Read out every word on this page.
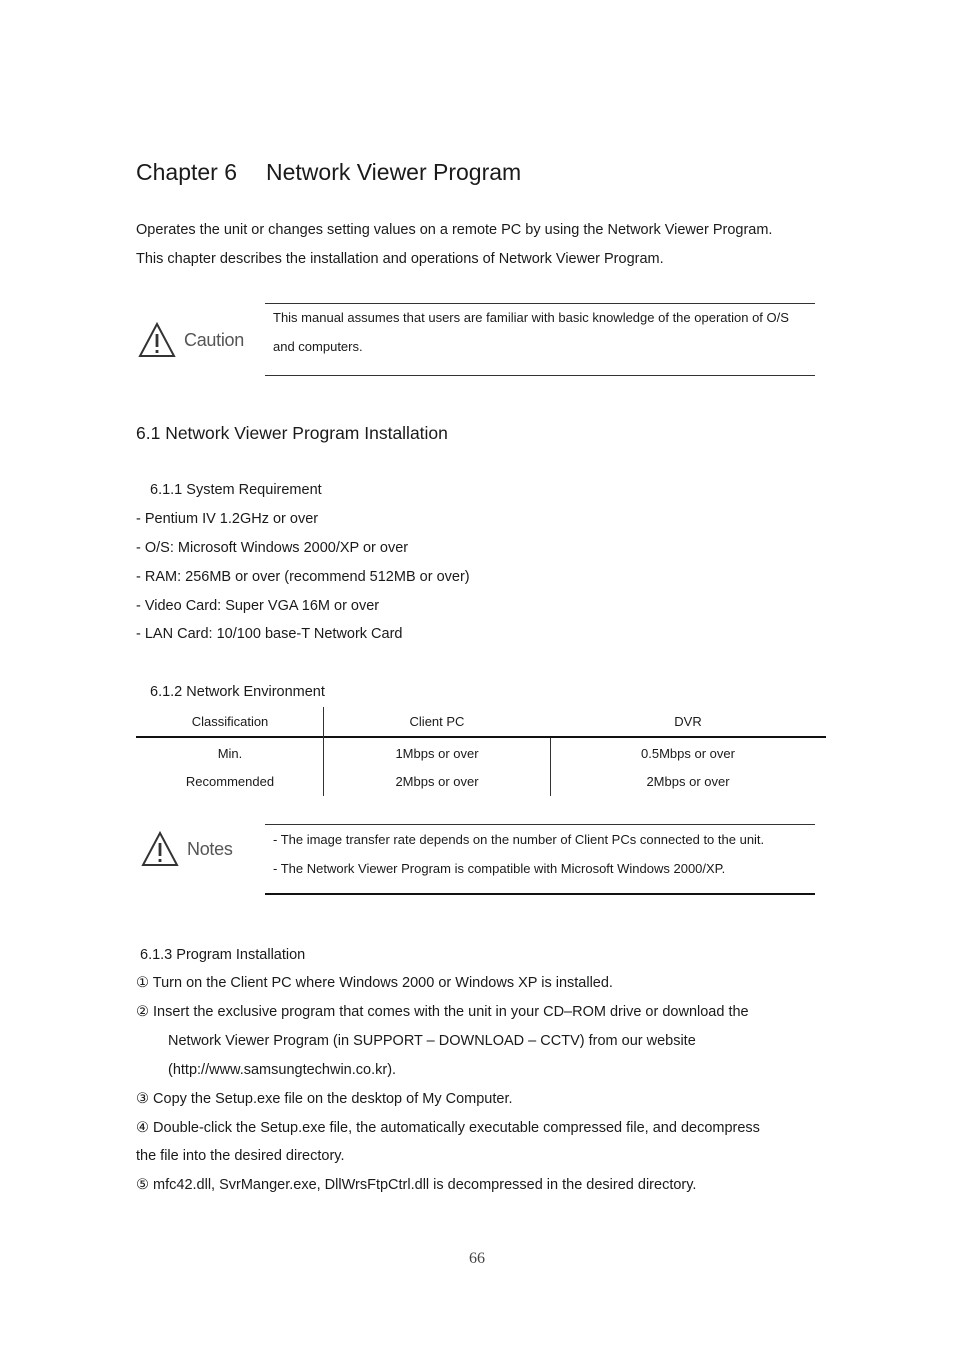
Chapter 6 Network Viewer Program
Operates the unit or changes setting values on a remote PC by using the Network Viewer Program.
This chapter describes the installation and operations of Network Viewer Program.
Caution
This manual assumes that users are familiar with basic knowledge of the operation of O/S
and computers.
6.1 Network Viewer Program Installation
6.1.1 System Requirement
- Pentium IV 1.2GHz or over
- O/S: Microsoft Windows 2000/XP or over
- RAM: 256MB or over (recommend 512MB or over)
- Video Card: Super VGA 16M or over
- LAN Card: 10/100 base-T Network Card
6.1.2 Network Environment
Classification	Client PC	DVR
Min.	1Mbps or over	0.5Mbps or over
Recommended	2Mbps or over	2Mbps or over
Notes	- The image transfer rate depends on the number of Client PCs connected to the unit.
- The Network Viewer Program is compatible with Microsoft Windows 2000/XP.
6.1.3 Program Installation
① Turn on the Client PC where Windows 2000 or Windows XP is installed.
② Insert the exclusive program that comes with the unit in your CD–ROM drive or download the
Network Viewer Program (in SUPPORT – DOWNLOAD – CCTV) from our website
(http://www.samsungtechwin.co.kr).
③ Copy the Setup.exe file on the desktop of My Computer.
④ Double-click the Setup.exe file, the automatically executable compressed file, and decompress
the file into the desired directory.
⑤ mfc42.dll, SvrManger.exe, DllWrsFtpCtrl.dll is decompressed in the desired directory.
66
